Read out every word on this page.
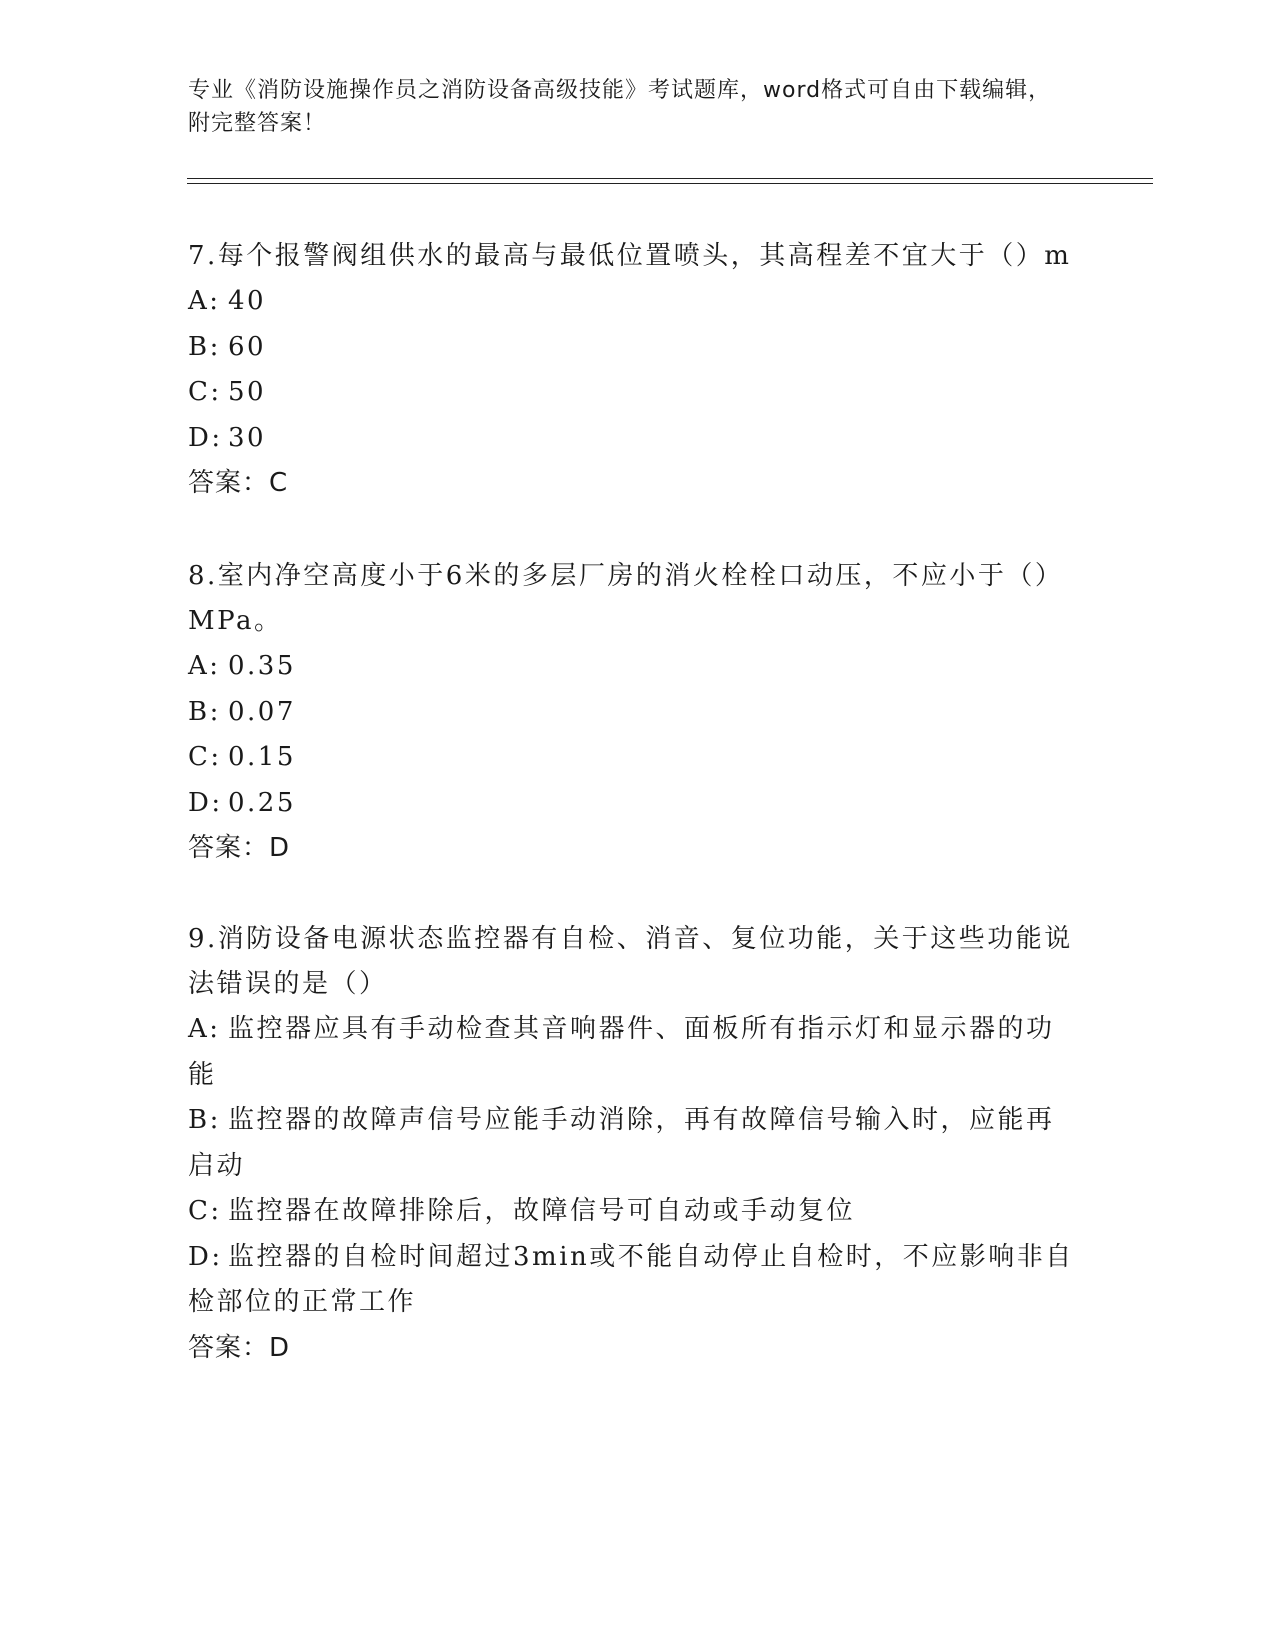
专业《消防设施操作员之消防设备高级技能》考试题库，word格式可自由下载编辑，附完整答案！

7.每个报警阀组供水的最高与最低位置喷头，其高程差不宜大于（）m

A: 40

B: 60

C: 50

D: 30

答案：C

8.室内净空高度小于6米的多层厂房的消火栓栓口动压，不应小于（）MPa。

A: 0.35

B: 0.07

C: 0.15

D: 0.25

答案：D

9.消防设备电源状态监控器有自检、消音、复位功能，关于这些功能说法错误的是（）

A: 监控器应具有手动检查其音响器件、面板所有指示灯和显示器的功能

B: 监控器的故障声信号应能手动消除，再有故障信号输入时，应能再启动

C: 监控器在故障排除后，故障信号可自动或手动复位

D: 监控器的自检时间超过3min或不能自动停止自检时，不应影响非自检部位的正常工作

答案：D
